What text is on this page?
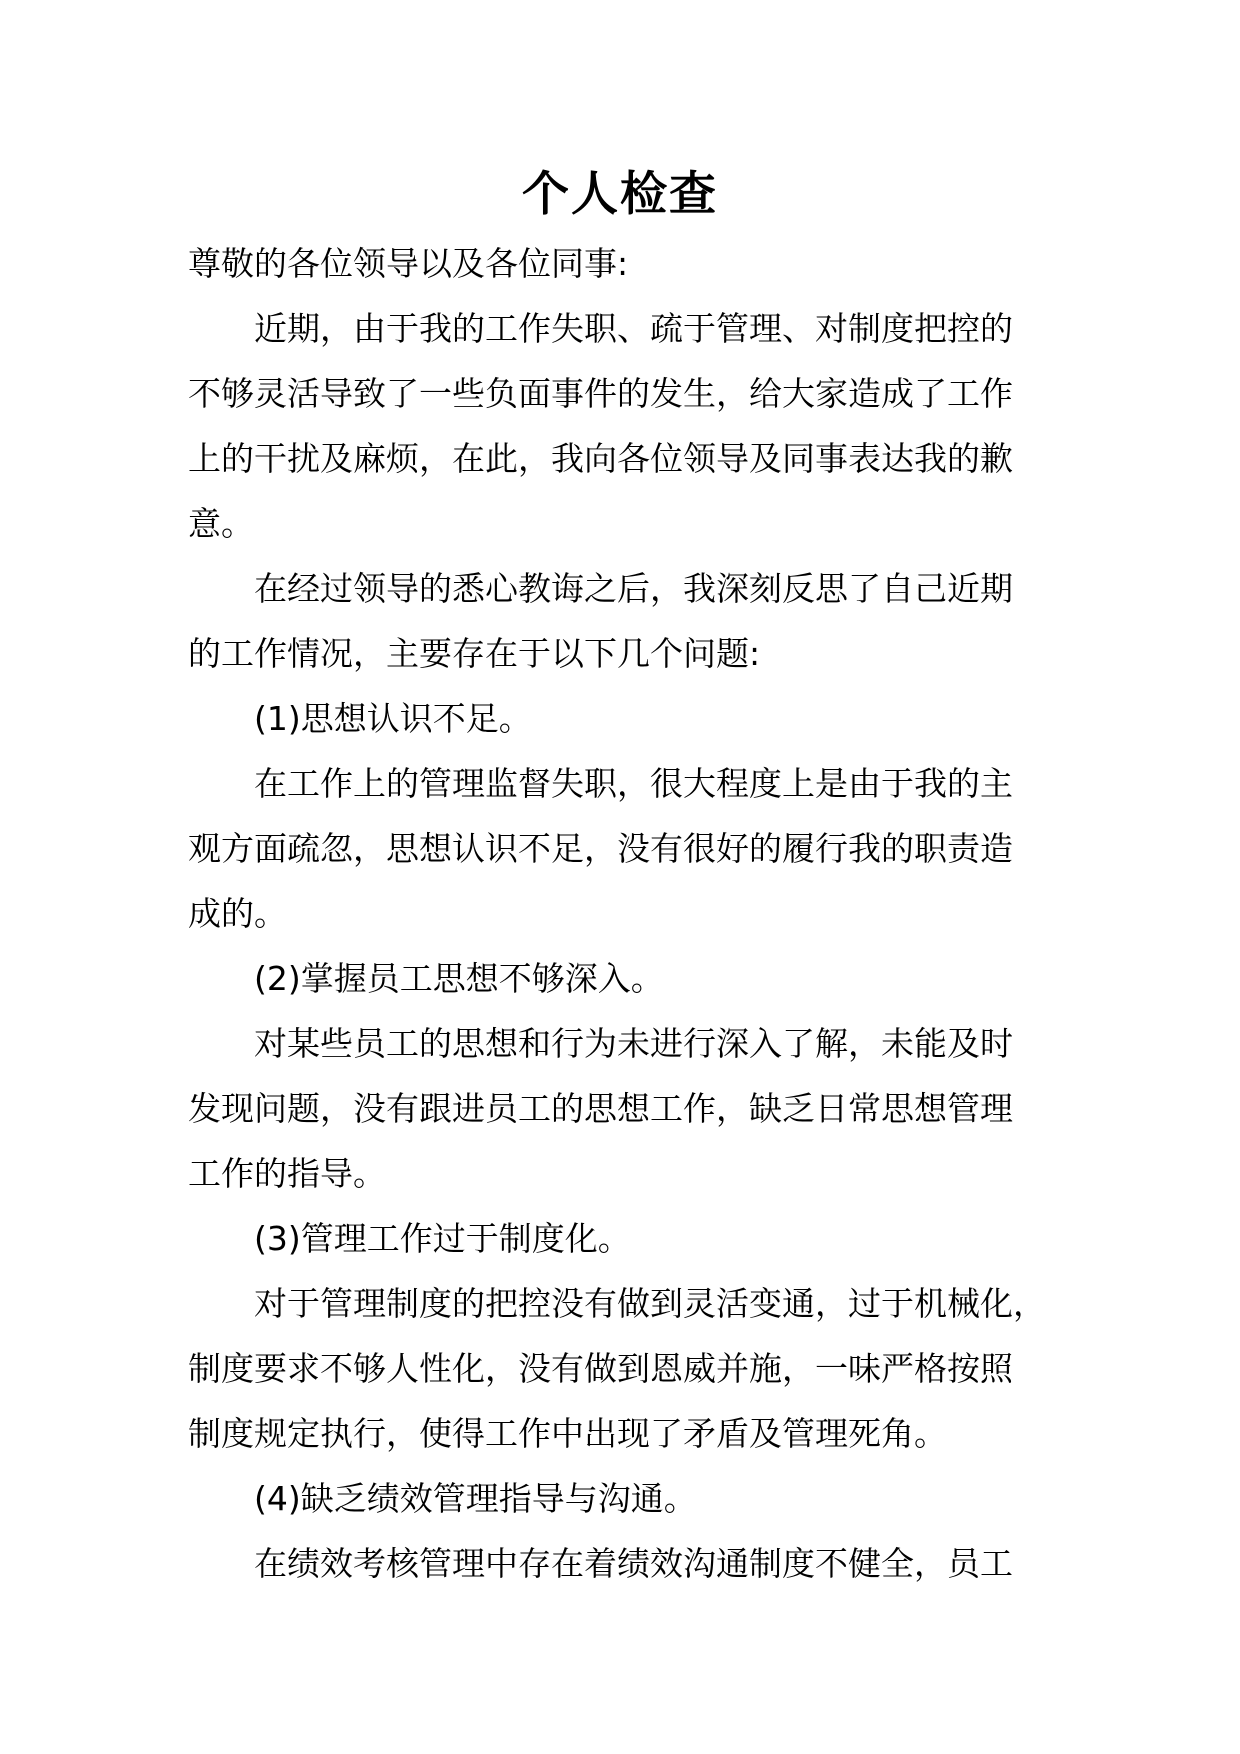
个人检查

尊敬的各位领导以及各位同事:

近期，由于我的工作失职、疏于管理、对制度把控的
不够灵活导致了一些负面事件的发生，给大家造成了工作
上的干扰及麻烦，在此，我向各位领导及同事表达我的歉
意。

在经过领导的悉心教诲之后，我深刻反思了自己近期
的工作情况，主要存在于以下几个问题:

(1)思想认识不足。

在工作上的管理监督失职，很大程度上是由于我的主
观方面疏忽，思想认识不足，没有很好的履行我的职责造
成的。

(2)掌握员工思想不够深入。

对某些员工的思想和行为未进行深入了解，未能及时
发现问题，没有跟进员工的思想工作，缺乏日常思想管理
工作的指导。

(3)管理工作过于制度化。

对于管理制度的把控没有做到灵活变通，过于机械化，
制度要求不够人性化，没有做到恩威并施，一味严格按照
制度规定执行，使得工作中出现了矛盾及管理死角。

(4)缺乏绩效管理指导与沟通。

在绩效考核管理中存在着绩效沟通制度不健全，员工
